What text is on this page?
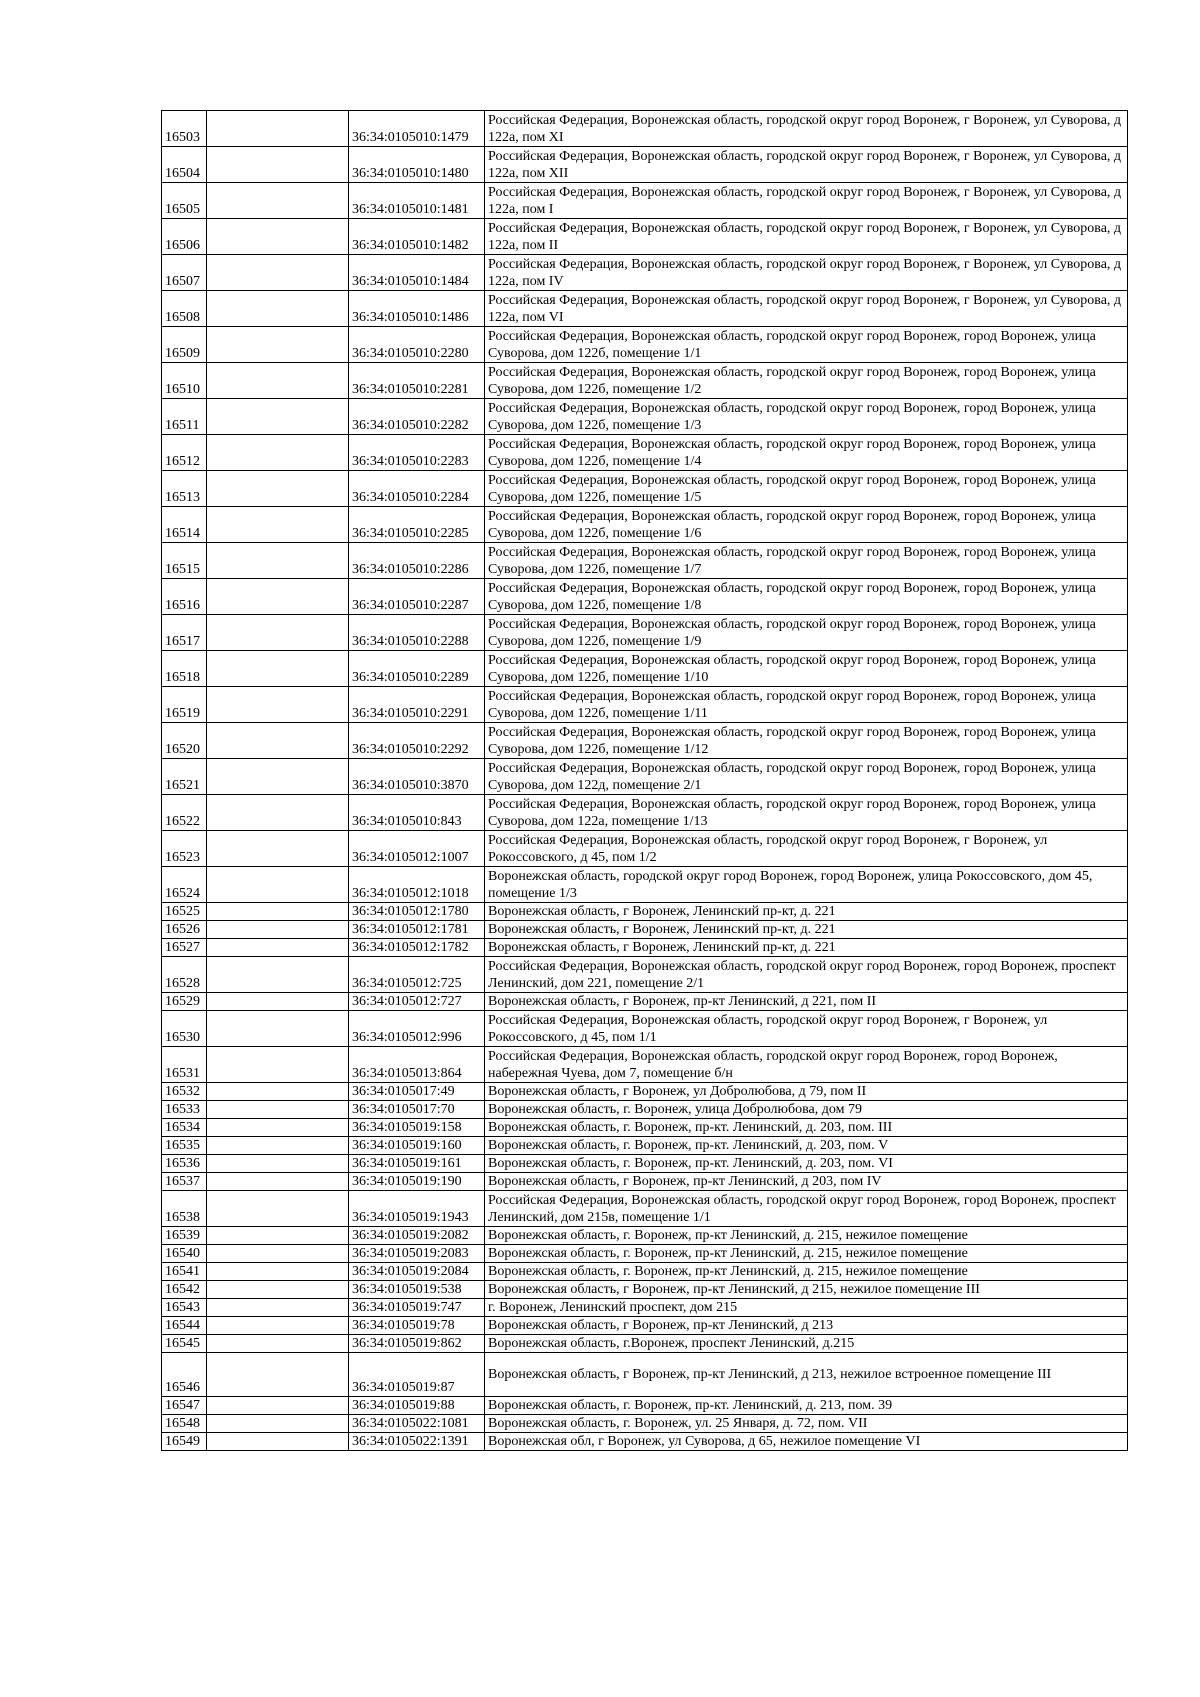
16503		36:34:0105010:1479	Российская Федерация, Воронежская область, городской округ город Воронеж, г Воронеж, ул Суворова, д 122а, пом XI
16504		36:34:0105010:1480	Российская Федерация, Воронежская область, городской округ город Воронеж, г Воронеж, ул Суворова, д 122а, пом XII
16505		36:34:0105010:1481	Российская Федерация, Воронежская область, городской округ город Воронеж, г Воронеж, ул Суворова, д 122а, пом I
16506		36:34:0105010:1482	Российская Федерация, Воронежская область, городской округ город Воронеж, г Воронеж, ул Суворова, д 122а, пом II
16507		36:34:0105010:1484	Российская Федерация, Воронежская область, городской округ город Воронеж, г Воронеж, ул Суворова, д 122а, пом IV
16508		36:34:0105010:1486	Российская Федерация, Воронежская область, городской округ город Воронеж, г Воронеж, ул Суворова, д 122а, пом VI
16509		36:34:0105010:2280	Российская Федерация, Воронежская область, городской округ город Воронеж, город Воронеж, улица Суворова, дом 122б, помещение 1/1
16510		36:34:0105010:2281	Российская Федерация, Воронежская область, городской округ город Воронеж, город Воронеж, улица Суворова, дом 122б, помещение 1/2
16511		36:34:0105010:2282	Российская Федерация, Воронежская область, городской округ город Воронеж, город Воронеж, улица Суворова, дом 122б, помещение 1/3
16512		36:34:0105010:2283	Российская Федерация, Воронежская область, городской округ город Воронеж, город Воронеж, улица Суворова, дом 122б, помещение 1/4
16513		36:34:0105010:2284	Российская Федерация, Воронежская область, городской округ город Воронеж, город Воронеж, улица Суворова, дом 122б, помещение 1/5
16514		36:34:0105010:2285	Российская Федерация, Воронежская область, городской округ город Воронеж, город Воронеж, улица Суворова, дом 122б, помещение 1/6
16515		36:34:0105010:2286	Российская Федерация, Воронежская область, городской округ город Воронеж, город Воронеж, улица Суворова, дом 122б, помещение 1/7
16516		36:34:0105010:2287	Российская Федерация, Воронежская область, городской округ город Воронеж, город Воронеж, улица Суворова, дом 122б, помещение 1/8
16517		36:34:0105010:2288	Российская Федерация, Воронежская область, городской округ город Воронеж, город Воронеж, улица Суворова, дом 122б, помещение 1/9
16518		36:34:0105010:2289	Российская Федерация, Воронежская область, городской округ город Воронеж, город Воронеж, улица Суворова, дом 122б, помещение 1/10
16519		36:34:0105010:2291	Российская Федерация, Воронежская область, городской округ город Воронеж, город Воронеж, улица Суворова, дом 122б, помещение 1/11
16520		36:34:0105010:2292	Российская Федерация, Воронежская область, городской округ город Воронеж, город Воронеж, улица Суворова, дом 122б, помещение 1/12
16521		36:34:0105010:3870	Российская Федерация, Воронежская область, городской округ город Воронеж, город Воронеж, улица Суворова, дом 122д, помещение 2/1
16522		36:34:0105010:843	Российская Федерация, Воронежская область, городской округ город Воронеж, город Воронеж, улица Суворова, дом 122а, помещение 1/13
16523		36:34:0105012:1007	Российская Федерация, Воронежская область, городской округ город Воронеж, г Воронеж, ул Рокоссовского, д 45, пом 1/2
16524		36:34:0105012:1018	Воронежская область, городской округ город Воронеж, город Воронеж, улица Рокоссовского, дом 45, помещение 1/3
16525		36:34:0105012:1780	Воронежская область, г Воронеж, Ленинский пр-кт, д. 221
16526		36:34:0105012:1781	Воронежская область, г Воронеж, Ленинский пр-кт, д. 221
16527		36:34:0105012:1782	Воронежская область, г Воронеж, Ленинский пр-кт, д. 221
16528		36:34:0105012:725	Российская Федерация, Воронежская область, городской округ город Воронеж, город Воронеж, проспект Ленинский, дом 221, помещение 2/1
16529		36:34:0105012:727	Воронежская область, г Воронеж, пр-кт Ленинский, д 221, пом II
16530		36:34:0105012:996	Российская Федерация, Воронежская область, городской округ город Воронеж, г Воронеж, ул Рокоссовского, д 45, пом 1/1
16531		36:34:0105013:864	Российская Федерация, Воронежская область, городской округ город Воронеж, город Воронеж, набережная Чуева, дом 7, помещение б/н
16532		36:34:0105017:49	Воронежская область, г Воронеж, ул Добролюбова, д 79, пом II
16533		36:34:0105017:70	Воронежская область, г. Воронеж, улица Добролюбова, дом 79
16534		36:34:0105019:158	Воронежская область, г. Воронеж, пр-кт. Ленинский, д. 203, пом. III
16535		36:34:0105019:160	Воронежская область, г. Воронеж, пр-кт. Ленинский, д. 203, пом. V
16536		36:34:0105019:161	Воронежская область, г. Воронеж, пр-кт. Ленинский, д. 203, пом. VI
16537		36:34:0105019:190	Воронежская область, г Воронеж, пр-кт Ленинский, д 203, пом IV
16538		36:34:0105019:1943	Российская Федерация, Воронежская область, городской округ город Воронеж, город Воронеж, проспект Ленинский, дом 215в, помещение 1/1
16539		36:34:0105019:2082	Воронежская область, г. Воронеж, пр-кт Ленинский, д. 215, нежилое помещение
16540		36:34:0105019:2083	Воронежская область, г. Воронеж, пр-кт Ленинский, д. 215, нежилое помещение
16541		36:34:0105019:2084	Воронежская область, г. Воронеж, пр-кт Ленинский, д. 215, нежилое помещение
16542		36:34:0105019:538	Воронежская область, г Воронеж, пр-кт Ленинский, д 215, нежилое помещение III
16543		36:34:0105019:747	г. Воронеж, Ленинский проспект, дом 215
16544		36:34:0105019:78	Воронежская область, г Воронеж, пр-кт Ленинский, д 213
16545		36:34:0105019:862	Воронежская область, г.Воронеж, проспект Ленинский, д.215
16546		36:34:0105019:87	Воронежская область, г Воронеж, пр-кт Ленинский, д 213, нежилое встроенное помещение III
16547		36:34:0105019:88	Воронежская область, г. Воронеж, пр-кт. Ленинский, д. 213, пом. 39
16548		36:34:0105022:1081	Воронежская область, г. Воронеж, ул. 25 Января, д. 72, пом. VII
16549		36:34:0105022:1391	Воронежская обл, г Воронеж, ул Суворова, д 65, нежилое помещение VI
